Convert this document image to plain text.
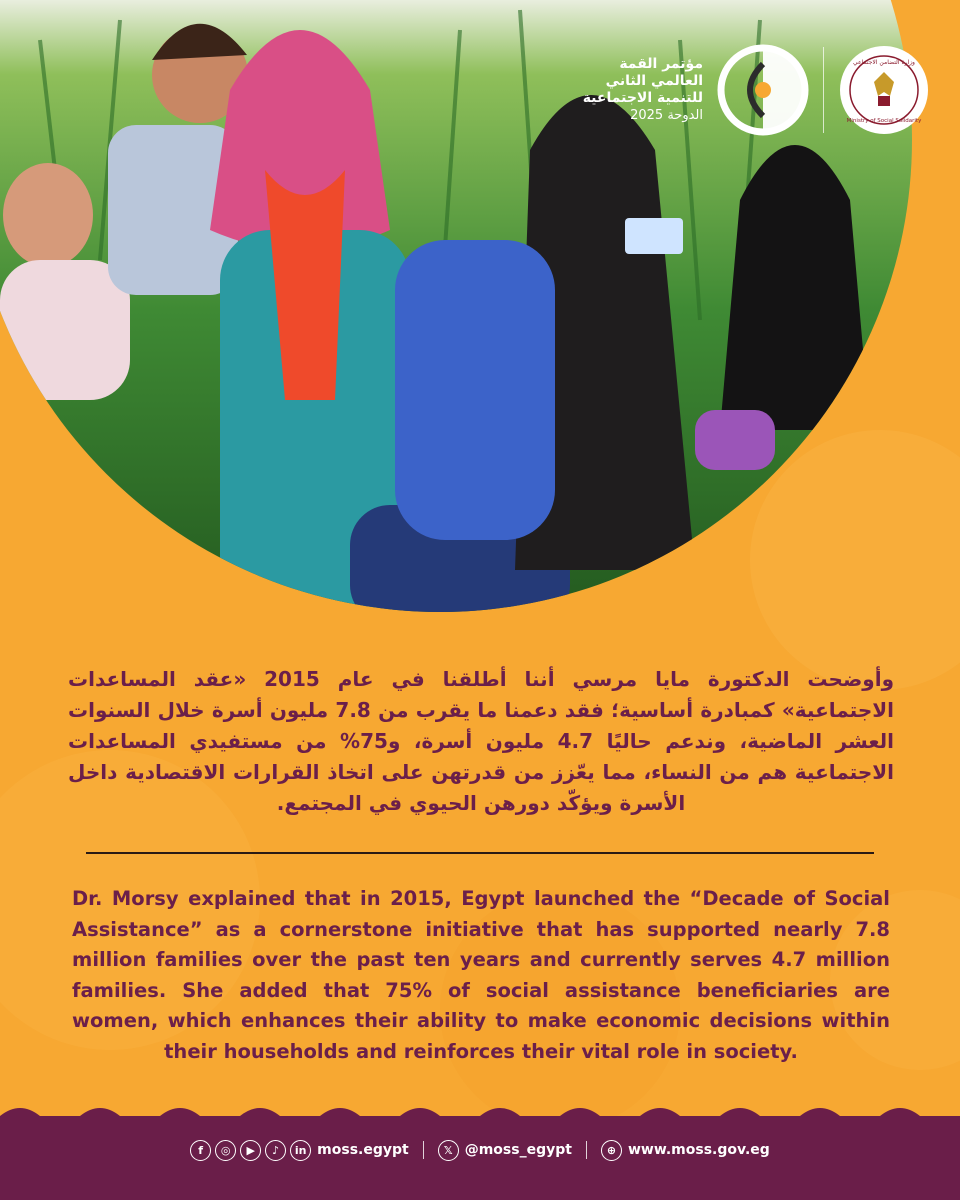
مؤتمر القمة
العالمي الثاني
للتنمية الاجتماعية
الدوحة 2025
وزارة التضامن الاجتماعي
Ministry of Social Solidarity

وأوضحت الدكتورة مايا مرسي أننا أطلقنا في عام 2015 «عقد المساعدات الاجتماعية» كمبادرة أساسية؛ فقد دعمنا ما يقرب من 7.8 مليون أسرة خلال السنوات العشر الماضية، وندعم حاليًا 4.7 مليون أسرة، و75% من مستفيدي المساعدات الاجتماعية هم من النساء، مما يعّزز من قدرتهن على اتخاذ القرارات الاقتصادية داخل الأسرة ويؤكّد دورهن الحيوي في المجتمع.

Dr. Morsy explained that in 2015, Egypt launched the “Decade of Social Assistance” as a cornerstone initiative that has supported nearly 7.8 million families over the past ten years and currently serves 4.7 million families. She added that 75% of social assistance beneficiaries are women, which enhances their ability to make economic decisions within their households and reinforces their vital role in society.

f	◎	▶	♪	in moss.egypt	𝕏 @moss_egypt	⊕ www.moss.gov.eg
